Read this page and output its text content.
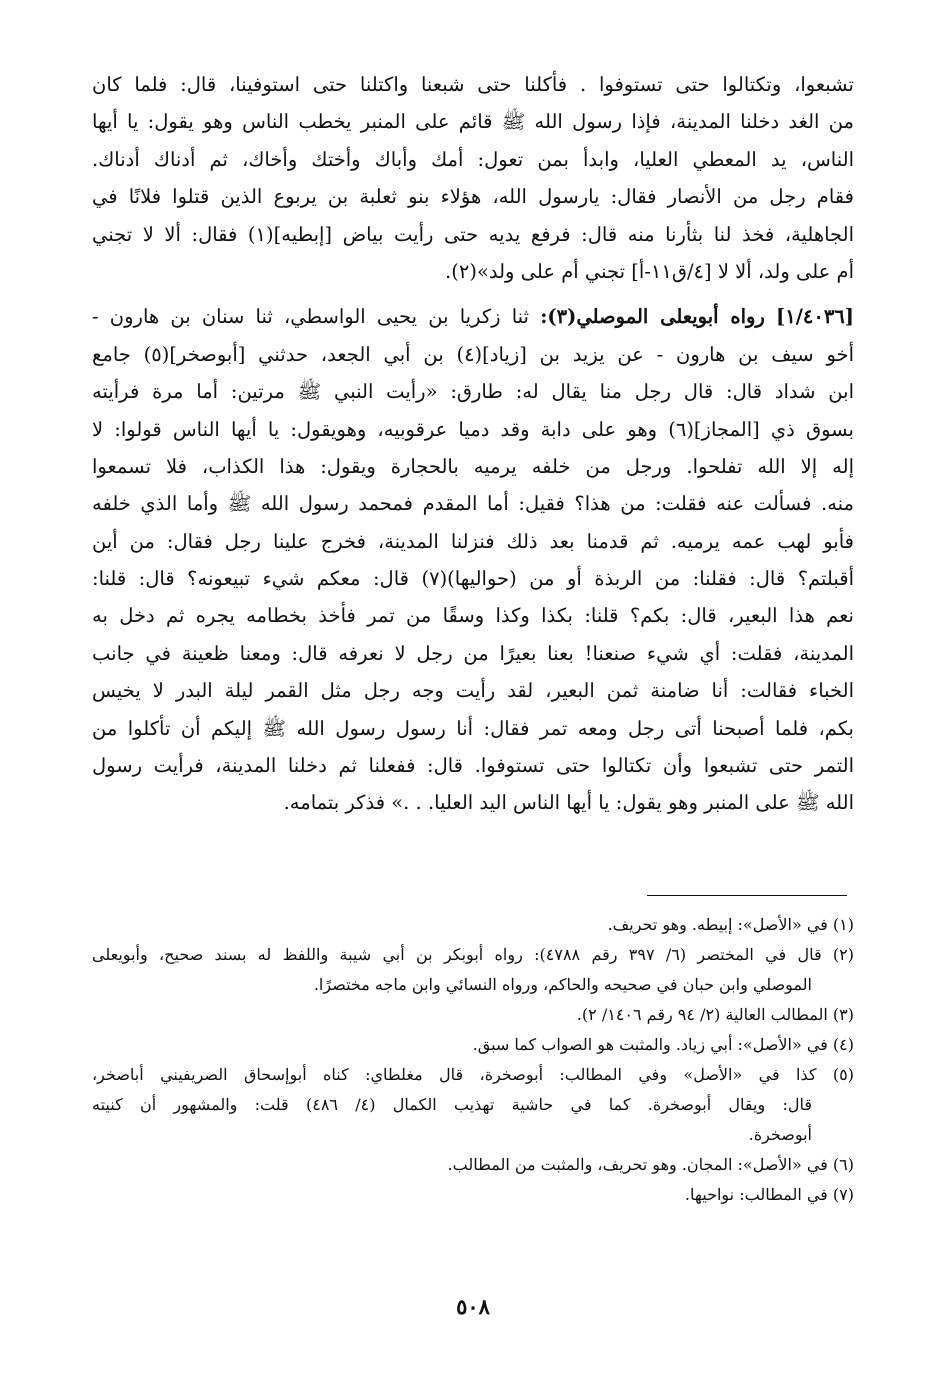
تشبعوا، وتكتالوا حتى تستوفوا . فأكلنا حتى شبعنا واكتلنا حتى استوفينا، قال: فلما كان
من الغد دخلنا المدينة، فإذا رسول الله ﷺ قائم على المنبر يخطب الناس وهو يقول: يا أيها
الناس، يد المعطي العليا، وابدأ بمن تعول: أمك وأباك وأختك وأخاك، ثم أدناك أدناك.
فقام رجل من الأنصار فقال: يارسول الله، هؤلاء بنو ثعلبة بن يربوع الذين قتلوا فلانًا في
الجاهلية، فخذ لنا بثأرنا منه قال: فرفع يديه حتى رأيت بياض [إبطيه](١) فقال: ألا لا تجني
أم على ولد، ألا لا [٤/ق١١-أ] تجني أم على ولد»(٢).
[١/٤٠٣٦] رواه أبويعلى الموصلي(٣): ثنا زكريا بن يحيى الواسطي، ثنا سنان بن هارون -
أخو سيف بن هارون - عن يزيد بن [زياد](٤) بن أبي الجعد، حدثني [أبوصخر](٥) جامع
ابن شداد قال: قال رجل منا يقال له: طارق: «رأيت النبي ﷺ مرتين: أما مرة فرأيته
بسوق ذي [المجاز](٦) وهو على دابة وقد دميا عرقوبيه، وهويقول: يا أيها الناس قولوا: لا
إله إلا الله تفلحوا. ورجل من خلفه يرميه بالحجارة ويقول: هذا الكذاب، فلا تسمعوا
منه. فسألت عنه فقلت: من هذا؟ فقيل: أما المقدم فمحمد رسول الله ﷺ وأما الذي خلفه
فأبو لهب عمه يرميه. ثم قدمنا بعد ذلك فنزلنا المدينة، فخرج علينا رجل فقال: من أين
أقبلتم؟ قال: فقلنا: من الربذة أو من (حواليها)(٧) قال: معكم شيء تبيعونه؟ قال: قلنا:
نعم هذا البعير، قال: بكم؟ قلنا: بكذا وكذا وسقًا من تمر فأخذ بخطامه يجره ثم دخل به
المدينة، فقلت: أي شيء صنعنا! بعنا بعيرًا من رجل لا نعرفه قال: ومعنا ظعينة في جانب
الخباء فقالت: أنا ضامنة ثمن البعير، لقد رأيت وجه رجل مثل القمر ليلة البدر لا يخيس
بكم، فلما أصبحنا أتى رجل ومعه تمر فقال: أنا رسول رسول الله ﷺ إليكم أن تأكلوا من
التمر حتى تشبعوا وأن تكتالوا حتى تستوفوا. قال: ففعلنا ثم دخلنا المدينة، فرأيت رسول
الله ﷺ على المنبر وهو يقول: يا أيها الناس اليد العليا. . .» فذكر بتمامه.
(١) في «الأصل»: إبيطه. وهو تحريف.
(٢) قال في المختصر (٦/ ٣٩٧ رقم ٤٧٨٨): رواه أبوبكر بن أبي شيبة واللفظ له بسند صحيح، وأبويعلى
الموصلي وابن حبان في صحيحه والحاكم، ورواه النسائي وابن ماجه مختصرًا.
(٣) المطالب العالية (٢/ ٩٤ رقم ١٤٠٦/ ٢).
(٤) في «الأصل»: أبي زياد. والمثبت هو الصواب كما سبق.
(٥) كذا في «الأصل» وفي المطالب: أبوصخرة، قال مغلطاي: كناه أبوإسحاق الصريفيني أباصخر،
قال: ويقال أبوصخرة. كما في حاشية تهذيب الكمال (٤/ ٤٨٦) قلت: والمشهور أن كنيته
أبوصخرة.
(٦) في «الأصل»: المجان. وهو تحريف، والمثبت من المطالب.
(٧) في المطالب: نواحيها.
٥٠٨
